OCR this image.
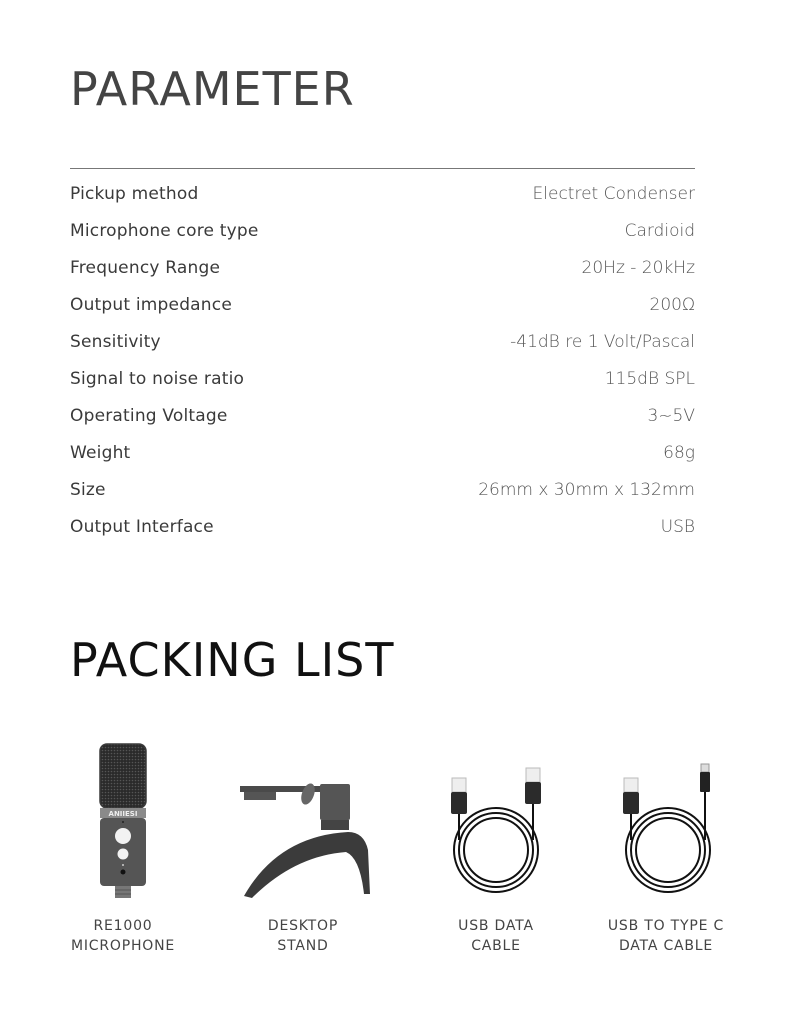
PARAMETER
Pickup method	Electret Condenser
Microphone core type	Cardioid
Frequency Range	20Hz - 20kHz
Output impedance	200Ω
Sensitivity	-41dB re 1 Volt/Pascal
Signal to noise ratio	115dB SPL
Operating Voltage	3~5V
Weight	68g
Size	26mm x 30mm x 132mm
Output Interface	USB
PACKING LIST
ANIIESI
RE1000
MICROPHONE
DESKTOP
STAND
USB DATA
CABLE
USB TO TYPE C
DATA CABLE
